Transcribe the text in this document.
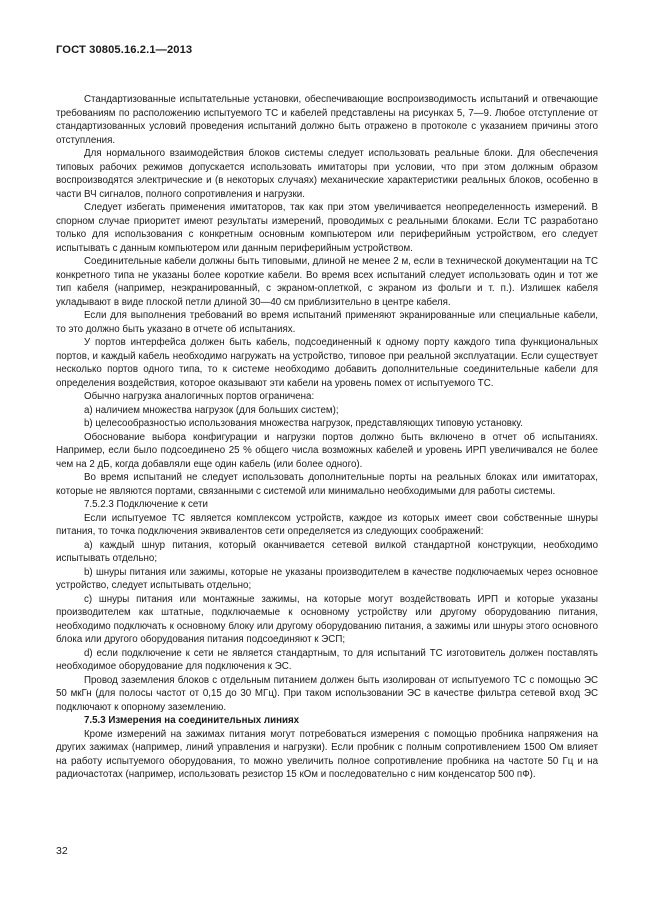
ГОСТ 30805.16.2.1—2013

Стандартизованные испытательные установки, обеспечивающие воспроизводимость испытаний и отвечающие требованиям по расположению испытуемого ТС и кабелей представлены на рисунках 5, 7—9. Любое отступление от стандартизованных условий проведения испытаний должно быть отражено в протоколе с указанием причины этого отступления.

Для нормального взаимодействия блоков системы следует использовать реальные блоки. Для обеспечения типовых рабочих режимов допускается использовать имитаторы при условии, что при этом должным образом воспроизводятся электрические и (в некоторых случаях) механические характеристики реальных блоков, особенно в части ВЧ сигналов, полного сопротивления и нагрузки.

Следует избегать применения имитаторов, так как при этом увеличивается неопределенность измерений. В спорном случае приоритет имеют результаты измерений, проводимых с реальными блоками. Если ТС разработано только для использования с конкретным основным компьютером или периферийным устройством, его следует испытывать с данным компьютером или данным периферийным устройством.

Соединительные кабели должны быть типовыми, длиной не менее 2 м, если в технической документации на ТС конкретного типа не указаны более короткие кабели. Во время всех испытаний следует использовать один и тот же тип кабеля (например, неэкранированный, с экраном-оплеткой, с экраном из фольги и т. п.). Излишек кабеля укладывают в виде плоской петли длиной 30—40 см приблизительно в центре кабеля.

Если для выполнения требований во время испытаний применяют экранированные или специальные кабели, то это должно быть указано в отчете об испытаниях.

У портов интерфейса должен быть кабель, подсоединенный к одному порту каждого типа функциональных портов, и каждый кабель необходимо нагружать на устройство, типовое при реальной эксплуатации. Если существует несколько портов одного типа, то к системе необходимо добавить дополнительные соединительные кабели для определения воздействия, которое оказывают эти кабели на уровень помех от испытуемого ТС.

Обычно нагрузка аналогичных портов ограничена:

а) наличием множества нагрузок (для больших систем);

b) целесообразностью использования множества нагрузок, представляющих типовую установку.

Обоснование выбора конфигурации и нагрузки портов должно быть включено в отчет об испытаниях. Например, если было подсоединено 25 % общего числа возможных кабелей и уровень ИРП увеличивался не более чем на 2 дБ, когда добавляли еще один кабель (или более одного).

Во время испытаний не следует использовать дополнительные порты на реальных блоках или имитаторах, которые не являются портами, связанными с системой или минимально необходимыми для работы системы.

7.5.2.3 Подключение к сети

Если испытуемое ТС является комплексом устройств, каждое из которых имеет свои собственные шнуры питания, то точка подключения эквивалентов сети определяется из следующих соображений:

а) каждый шнур питания, который оканчивается сетевой вилкой стандартной конструкции, необходимо испытывать отдельно;

b) шнуры питания или зажимы, которые не указаны производителем в качестве подключаемых через основное устройство, следует испытывать отдельно;

с) шнуры питания или монтажные зажимы, на которые могут воздействовать ИРП и которые указаны производителем как штатные, подключаемые к основному устройству или другому оборудованию питания, необходимо подключать к основному блоку или другому оборудованию питания, а зажимы или шнуры этого основного блока или другого оборудования питания подсоединяют к ЭСП;

d) если подключение к сети не является стандартным, то для испытаний ТС изготовитель должен поставлять необходимое оборудование для подключения к ЭС.

Провод заземления блоков с отдельным питанием должен быть изолирован от испытуемого ТС с помощью ЭС 50 мкГн (для полосы частот от 0,15 до 30 МГц). При таком использовании ЭС в качестве фильтра сетевой вход ЭС подключают к опорному заземлению.

7.5.3 Измерения на соединительных линиях

Кроме измерений на зажимах питания могут потребоваться измерения с помощью пробника напряжения на других зажимах (например, линий управления и нагрузки). Если пробник с полным сопротивлением 1500 Ом влияет на работу испытуемого оборудования, то можно увеличить полное сопротивление пробника на частоте 50 Гц и на радиочастотах (например, использовать резистор 15 кОм и последовательно с ним конденсатор 500 пФ).

32
